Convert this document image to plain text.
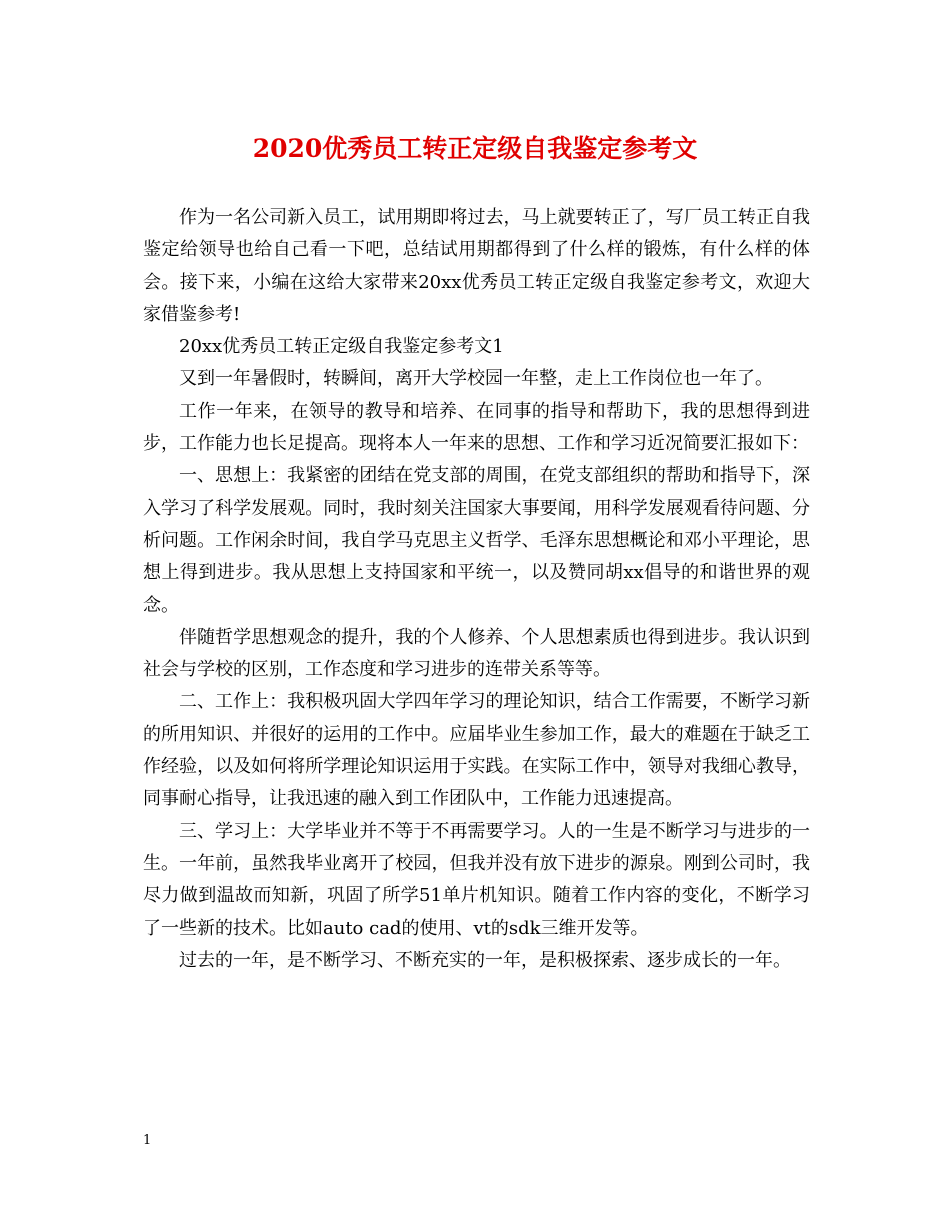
2020优秀员工转正定级自我鉴定参考文

作为一名公司新入员工，试用期即将过去，马上就要转正了，写厂员工转正自我鉴定给领导也给自己看一下吧，总结试用期都得到了什么样的锻炼，有什么样的体会。接下来，小编在这给大家带来20xx优秀员工转正定级自我鉴定参考文，欢迎大家借鉴参考!

20xx优秀员工转正定级自我鉴定参考文1

又到一年暑假时，转瞬间，离开大学校园一年整，走上工作岗位也一年了。

工作一年来，在领导的教导和培养、在同事的指导和帮助下，我的思想得到进步，工作能力也长足提高。现将本人一年来的思想、工作和学习近况简要汇报如下：

一、思想上：我紧密的团结在党支部的周围，在党支部组织的帮助和指导下，深入学习了科学发展观。同时，我时刻关注国家大事要闻，用科学发展观看待问题、分析问题。工作闲余时间，我自学马克思主义哲学、毛泽东思想概论和邓小平理论，思想上得到进步。我从思想上支持国家和平统一，以及赞同胡xx倡导的和谐世界的观念。

伴随哲学思想观念的提升，我的个人修养、个人思想素质也得到进步。我认识到社会与学校的区别，工作态度和学习进步的连带关系等等。

二、工作上：我积极巩固大学四年学习的理论知识，结合工作需要，不断学习新的所用知识、并很好的运用的工作中。应届毕业生参加工作，最大的难题在于缺乏工作经验，以及如何将所学理论知识运用于实践。在实际工作中，领导对我细心教导，同事耐心指导，让我迅速的融入到工作团队中，工作能力迅速提高。

三、学习上：大学毕业并不等于不再需要学习。人的一生是不断学习与进步的一生。一年前，虽然我毕业离开了校园，但我并没有放下进步的源泉。刚到公司时，我尽力做到温故而知新，巩固了所学51单片机知识。随着工作内容的变化，不断学习了一些新的技术。比如auto cad的使用、vt的sdk三维开发等。

过去的一年，是不断学习、不断充实的一年，是积极探索、逐步成长的一年。

1
